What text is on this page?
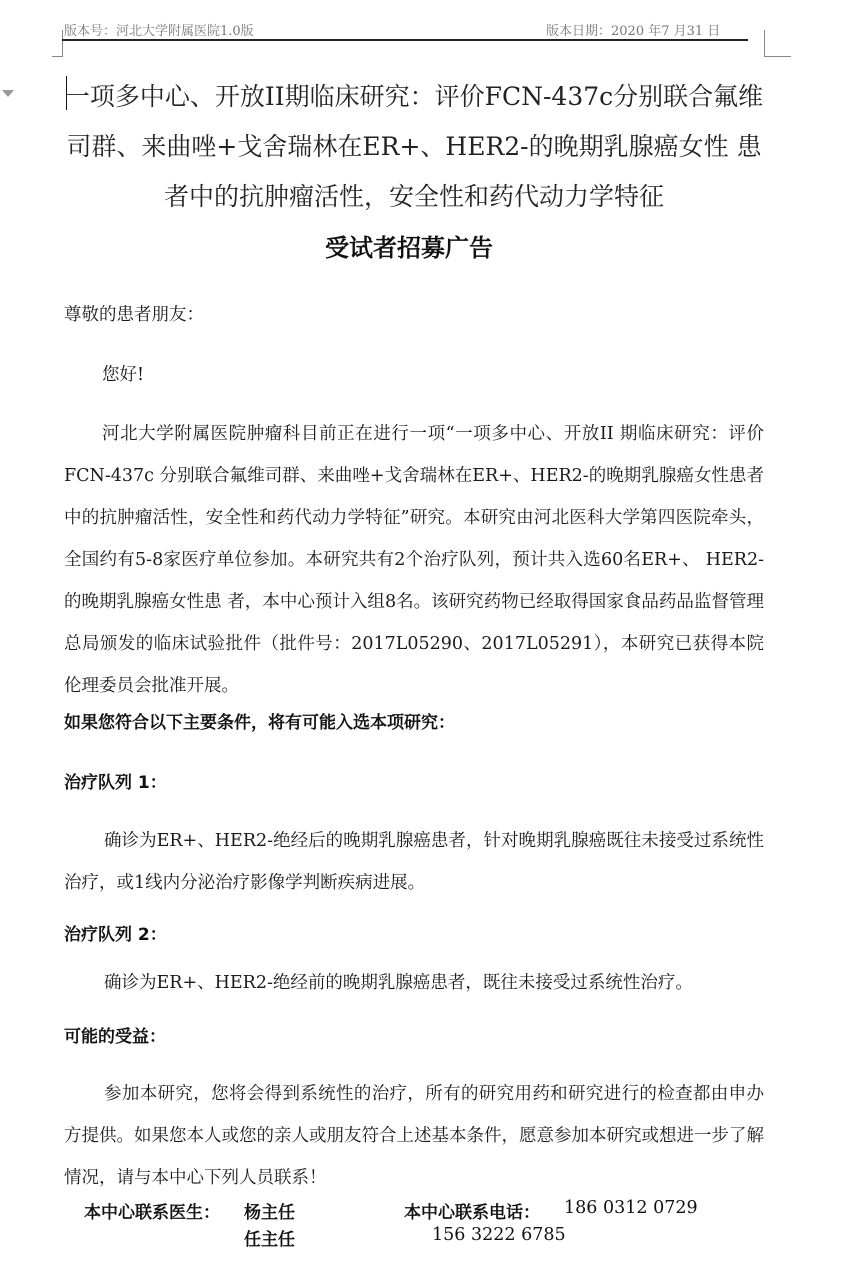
版本号：河北大学附属医院1.0版	版本日期：2020 年7 月31 日
一项多中心、开放II期临床研究：评价FCN-437c分别联合氟维司群、来曲唑+戈舍瑞林在ER+、HER2-的晚期乳腺癌女性 患者中的抗肿瘤活性，安全性和药代动力学特征
受试者招募广告
尊敬的患者朋友：
您好!
河北大学附属医院肿瘤科目前正在进行一项“一项多中心、开放II 期临床研究：评价FCN-437c 分别联合氟维司群、来曲唑+戈舍瑞林在ER+、HER2-的晚期乳腺癌女性患者中的抗肿瘤活性，安全性和药代动力学特征”研究。本研究由河北医科大学第四医院牵头，全国约有5-8家医疗单位参加。本研究共有2个治疗队列，预计共入选60名ER+、 HER2-的晚期乳腺癌女性患 者，本中心预计入组8名。该研究药物已经取得国家食品药品监督管理总局颁发的临床试验批件（批件号：2017L05290、2017L05291），本研究已获得本院伦理委员会批准开展。
如果您符合以下主要条件，将有可能入选本项研究：
治疗队列 1：
确诊为ER+、HER2-绝经后的晚期乳腺癌患者，针对晚期乳腺癌既往未接受过系统性治疗，或1线内分泌治疗影像学判断疾病进展。
治疗队列 2：
确诊为ER+、HER2-绝经前的晚期乳腺癌患者，既往未接受过系统性治疗。
可能的受益：
参加本研究，您将会得到系统性的治疗，所有的研究用药和研究进行的检查都由申办方提供。如果您本人或您的亲人或朋友符合上述基本条件，愿意参加本研究或想进一步了解情况，请与本中心下列人员联系！
本中心联系医生： 杨主任
任主任
本中心联系电话： 186 0312 0729
156 3222 6785
